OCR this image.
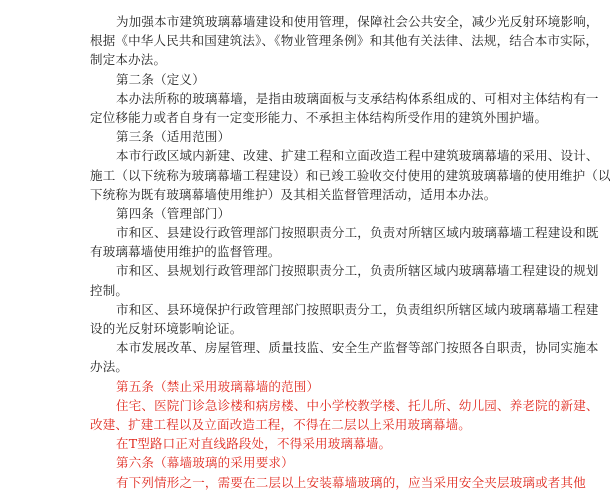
为加强本市建筑玻璃幕墙建设和使用管理，保障社会公共安全，减少光反射环境影响，
根据《中华人民共和国建筑法》、《物业管理条例》和其他有关法律、法规，结合本市实际，
制定本办法。
第二条（定义）
本办法所称的玻璃幕墙，是指由玻璃面板与支承结构体系组成的、可相对主体结构有一
定位移能力或者自身有一定变形能力、不承担主体结构所受作用的建筑外围护墙。
第三条（适用范围）
本市行政区域内新建、改建、扩建工程和立面改造工程中建筑玻璃幕墙的采用、设计、
施工（以下统称为玻璃幕墙工程建设）和已竣工验收交付使用的建筑玻璃幕墙的使用维护（以
下统称为既有玻璃幕墙使用维护）及其相关监督管理活动，适用本办法。
第四条（管理部门）
市和区、县建设行政管理部门按照职责分工，负责对所辖区域内玻璃幕墙工程建设和既
有玻璃幕墙使用维护的监督管理。
市和区、县规划行政管理部门按照职责分工，负责所辖区域内玻璃幕墙工程建设的规划
控制。
市和区、县环境保护行政管理部门按照职责分工，负责组织所辖区域内玻璃幕墙工程建
设的光反射环境影响论证。
本市发展改革、房屋管理、质量技监、安全生产监督等部门按照各自职责，协同实施本
办法。
第五条（禁止采用玻璃幕墙的范围）
住宅、医院门诊急诊楼和病房楼、中小学校教学楼、托儿所、幼儿园、养老院的新建、
改建、扩建工程以及立面改造工程，不得在二层以上采用玻璃幕墙。
在T型路口正对直线路段处，不得采用玻璃幕墙。
第六条（幕墙玻璃的采用要求）
有下列情形之一，需要在二层以上安装幕墙玻璃的，应当采用安全夹层玻璃或者其他
